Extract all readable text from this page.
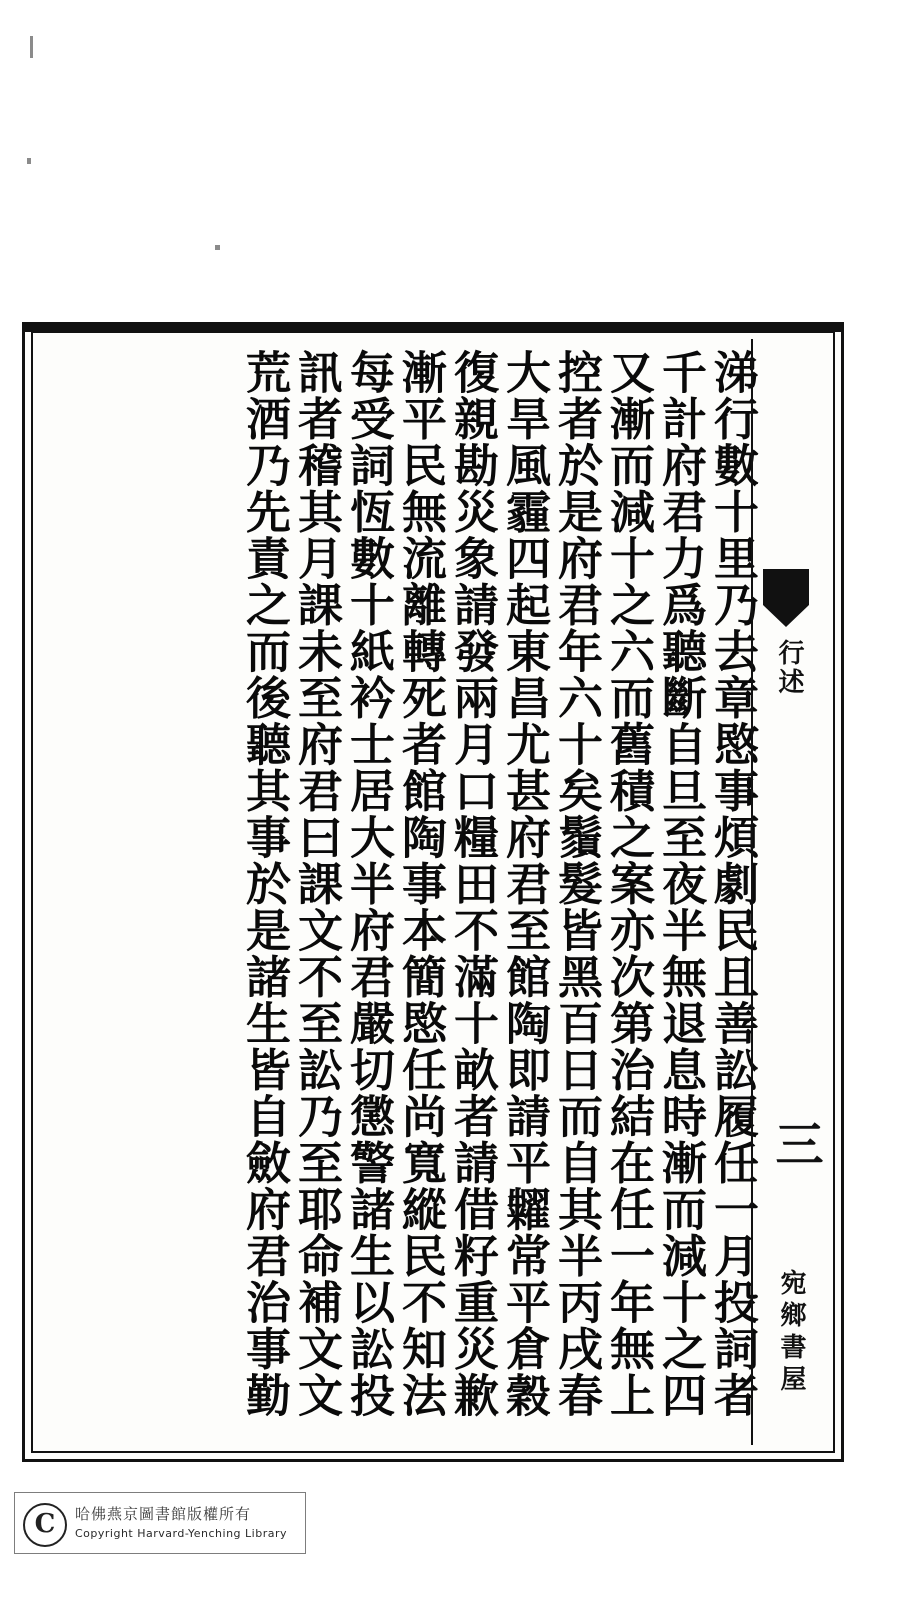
涕行數十里乃去章愍事煩劇民且善訟履任一月投詞者
千計府君力爲聽斷自旦至夜半無退息時漸而減十之四
又漸而減十之六而舊積之案亦次第治結在任一年無上
控者於是府君年六十矣鬚髮皆黑百日而自其半丙戌春
大旱風霾四起東昌尤甚府君至館陶即請平糶常平倉穀
復親勘災象請發兩月口糧田不滿十畝者請借籽重災歉
漸平民無流離轉死者館陶事本簡愍任尚寬縱民不知法
每受詞恆數十紙衿士居大半府君嚴切懲警諸生以訟投
訊者稽其月課未至府君曰課文不至訟乃至耶命補文文
荒酒乃先責之而後聽其事於是諸生皆自斂府君治事勤	行述
三
宛鄉書屋
C	哈佛燕京圖書館版權所有
Copyright Harvard-Yenching Library
